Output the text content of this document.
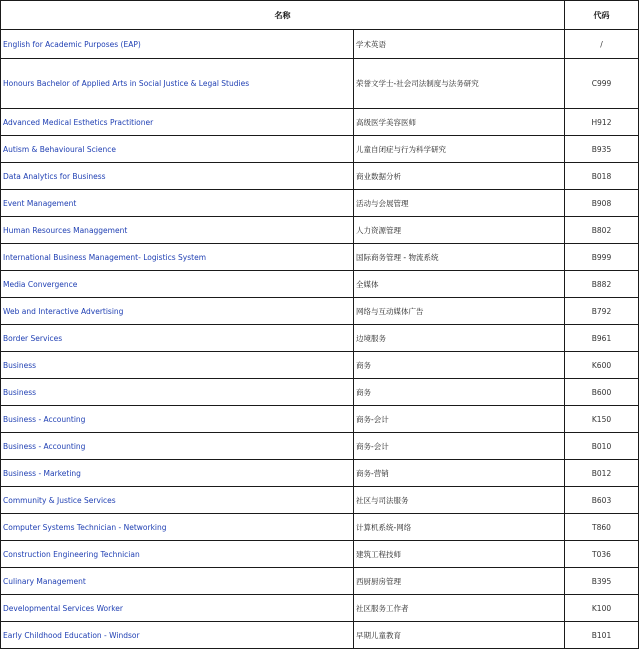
名称		代码
English for Academic Purposes (EAP)	学术英语	/
Honours Bachelor of Applied Arts in Social Justice & Legal Studies	荣誉文学士-社会司法制度与法务研究	C999
Advanced Medical Esthetics Practitioner	高级医学美容医师	H912
Autism & Behavioural Science	儿童自闭症与行为科学研究	B935
Data Analytics for Business	商业数据分析	B018
Event Management	活动与会展管理	B908
Human Resources Managgement	人力资源管理	B802
International Business Management- Logistics System	国际商务管理 - 物流系统	B999
Media Convergence	全媒体	B882
Web and Interactive Advertising	网络与互动媒体广告	B792
Border Services	边境服务	B961
Business	商务	K600
Business	商务	B600
Business - Accounting	商务-会计	K150
Business - Accounting	商务-会计	B010
Business - Marketing	商务-营销	B012
Community & Justice Services	社区与司法服务	B603
Computer Systems Technician - Networking	计算机系统-网络	T860
Construction Engineering Technician	建筑工程技师	T036
Culinary Management	西厨厨房管理	B395
Developmental Services Worker	社区服务工作者	K100
Early Childhood Education - Windsor	早期儿童教育	B101
